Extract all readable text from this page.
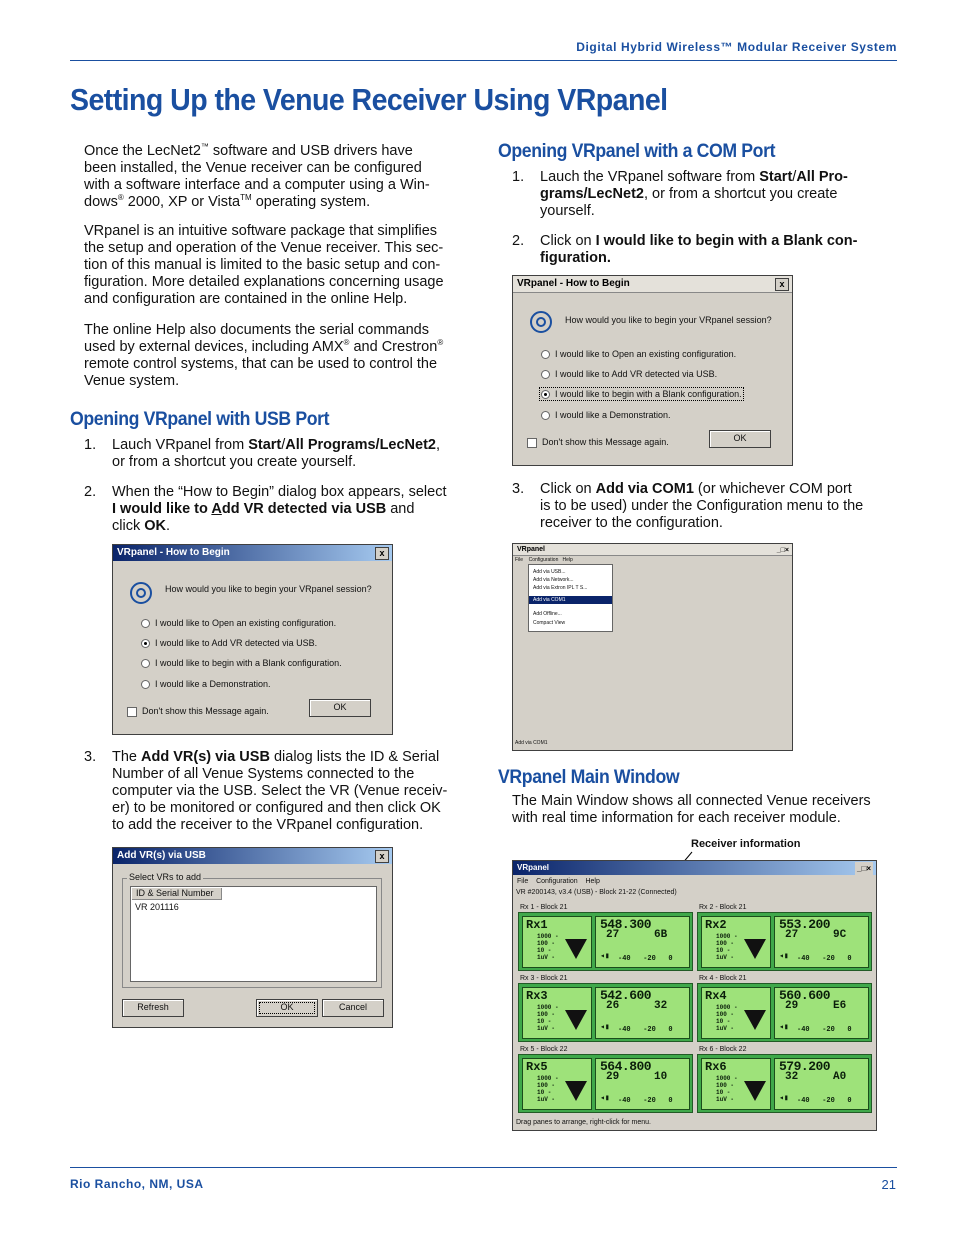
Digital Hybrid Wireless™ Modular Receiver System
Setting Up the Venue Receiver Using VRpanel
Once the LecNet2™ software and USB drivers have
been installed, the Venue receiver can be configured
with a software interface and a computer using a Win-
dows® 2000, XP or Vista™ operating system.
VRpanel is an intuitive software package that simplifies
the setup and operation of the Venue receiver. This sec-
tion of this manual is limited to the basic setup and con-
figuration. More detailed explanations concerning usage
and configuration are contained in the online Help.
The online Help also documents the serial commands
used by external devices, including AMX® and Crestron®
remote control systems, that can be used to control the
Venue system.
Opening VRpanel with USB Port
1. Lauch VRpanel from Start/All Programs/LecNet2,
or from a shortcut you create yourself.
2. When the “How to Begin” dialog box appears, select
I would like to Add VR detected via USB and
click OK.
VRpanel - How to Begin	x
How would you like to begin your VRpanel session?
I would like to Open an existing configuration.
I would like to Add VR detected via USB.
I would like to begin with a Blank configuration.
I would like a Demonstration.
Don't show this Message again.	OK
3. The Add VR(s) via USB dialog lists the ID & Serial
Number of all Venue Systems connected to the
computer via the USB. Select the VR (Venue receiv-
er) to be monitored or configured and then click OK
to add the receiver to the VRpanel configuration.
Add VR(s) via USB	x
Select VRs to add
ID & Serial Number
VR 201116
Refresh	OK	Cancel
Opening VRpanel with a COM Port
1. Lauch the VRpanel software from Start/All Pro-
grams/LecNet2, or from a shortcut you create
yourself.
2. Click on I would like to begin with a Blank con-
figuration.
VRpanel - How to Begin	x
How would you like to begin your VRpanel session?
I would like to Open an existing configuration.
I would like to Add VR detected via USB.
I would like to begin with a Blank configuration.
I would like a Demonstration.
Don't show this Message again.	OK
3. Click on Add via COM1 (or whichever COM port
is to be used) under the Configuration menu to the
receiver to the configuration.
VRpanel	_□×
File Configuration Help
Add via USB...
Add via Network...
Add via Extron IPL T S...
Add via COM1
Add Offline...
Compact View
Add via COM1
VRpanel Main Window
The Main Window shows all connected Venue receivers
with real time information for each receiver module.
Receiver information
VRpanel	_□×
File Configuration Help
VR #200143, v3.4 (USB) - Block 21-22 (Connected)
Rx 1 - Block 21
Rx1
1000 -
100 -
10 -
1uV -
548.300
27	6B
◂▮ -40   -20   0
Rx 2 - Block 21
Rx2
1000 -
100 -
10 -
1uV -
553.200
27	9C
◂▮ -40   -20   0
Rx 3 - Block 21
Rx3
1000 -
100 -
10 -
1uV -
542.600
26	32
◂▮ -40   -20   0
Rx 4 - Block 21
Rx4
1000 -
100 -
10 -
1uV -
560.600
29	E6
◂▮ -40   -20   0
Rx 5 - Block 22
Rx5
1000 -
100 -
10 -
1uV -
564.800
29	10
◂▮ -40   -20   0
Rx 6 - Block 22
Rx6
1000 -
100 -
10 -
1uV -
579.200
32	A0
◂▮ -40   -20   0
Drag panes to arrange, right-click for menu.
Rio Rancho, NM, USA	21
